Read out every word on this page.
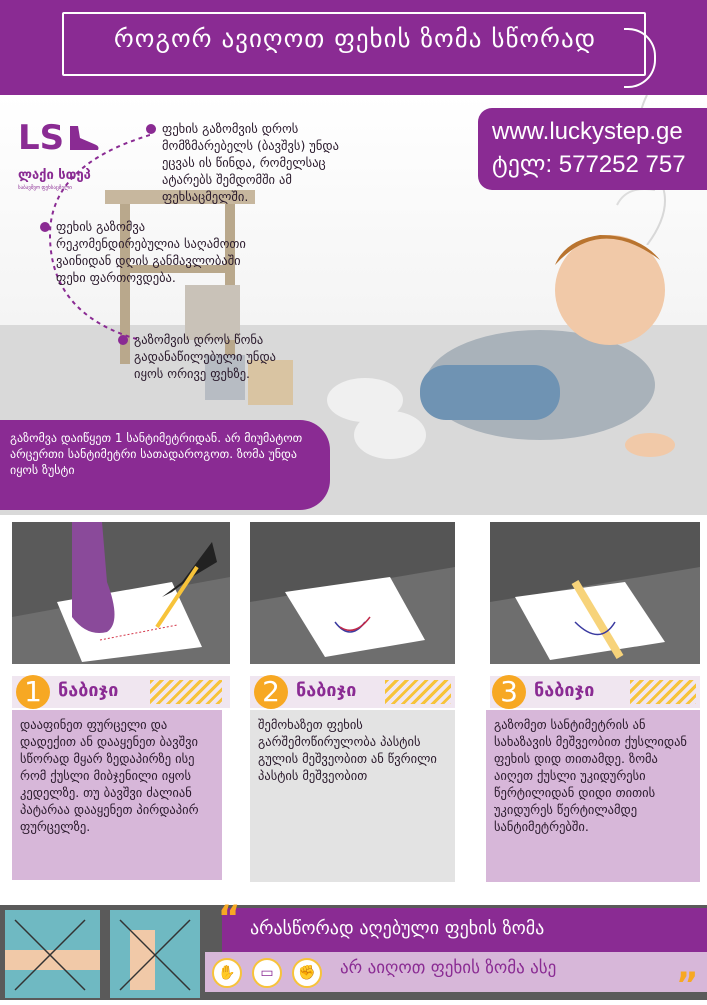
როგორ ავიღოთ ფეხის ზომა სწორად
LS
ლაქი სთეპ
საბავშვო ფეხსაცმელი
www.luckystep.ge
ტელ: 577252 757
ფეხის გაზომვის დროს მომზმარებელს (ბავშვს) უნდა ეცვას ის წინდა, რომელსაც ატარებს შემდომში ამ ფეხსაცმელში.
ფეხის გაზომვა რეკომენდირებულია საღამოთი ვაინიდან დღის განმავლობაში ფეხი ფართოვდება.
გაზომვის დროს წონა გადანაწილებული უნდა იყოს ორივე ფეხზე.
გაზომვა დაიწყეთ 1 სანტიმეტრიდან. არ მიუმატოთ არცერთი სანტიმეტრი სათადაროგოთ. ზომა უნდა იყოს ზუსტი
1 ნაბიჯი
დააფინეთ ფურცელი და დადექით ან დააყენეთ ბავშვი სწორად მყარ ზედაპირზე ისე რომ ქუსლი მიბჯენილი იყოს კედელზე. თუ ბავშვი ძალიან პატარაა დააყენეთ პირდაპირ ფურცელზე.
2 ნაბიჯი
შემოხაზეთ ფეხის გარშემოწირულობა პასტის გულის მეშვეობით ან წვრილი პასტის მეშვეობით
3 ნაბიჯი
გაზომეთ სანტიმეტრის ან სახაზავის მეშვეობით ქუსლიდან ფეხის დიდ თითამდე. ზომა აიღეთ ქუსლი უკიდურესი წერტილიდან დიდი თითის უკიდურეს წერტილამდე სანტიმეტრებში.
“ არასწორად აღებული ფეხის ზომა
✋	▭	✊	არ აიღოთ ფეხის ზომა ასე	”
